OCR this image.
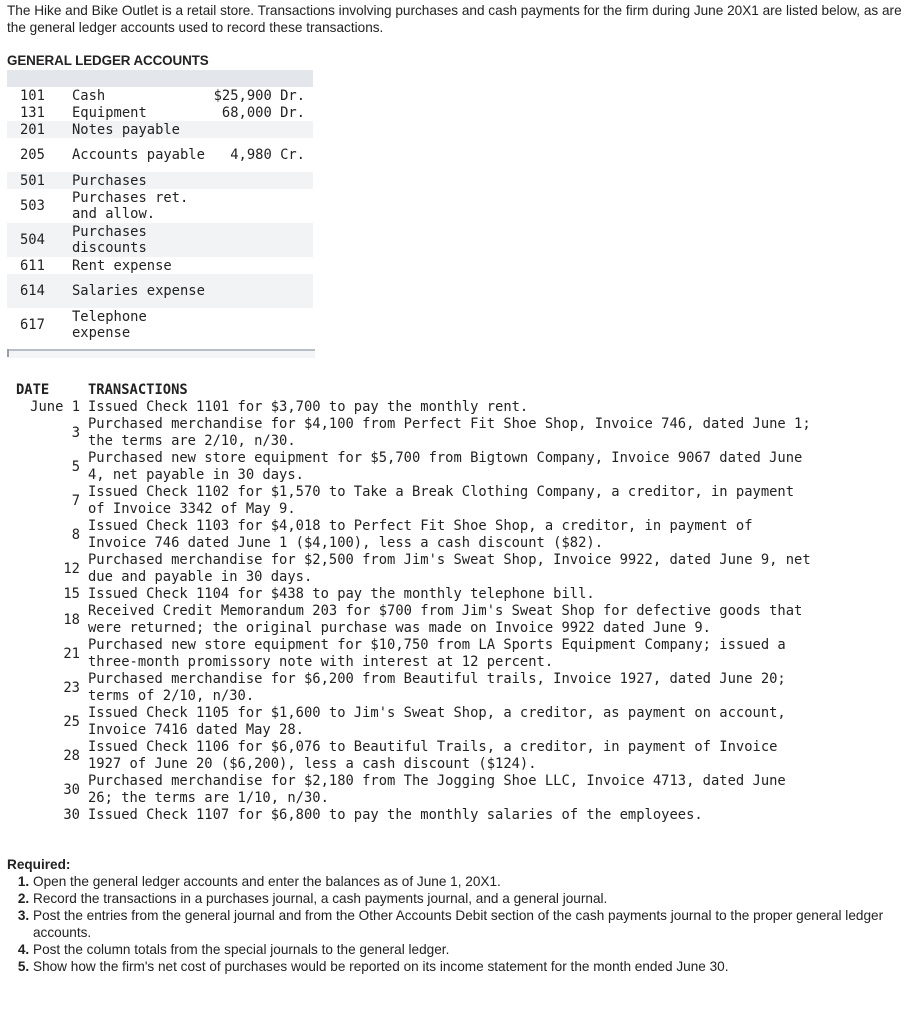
The Hike and Bike Outlet is a retail store. Transactions involving purchases and cash payments for the firm during June 20X1 are listed below, as are the general ledger accounts used to record these transactions.
GENERAL LEDGER ACCOUNTS

101	Cash	$25,900 Dr.
131	Equipment	68,000 Dr.
201	Notes payable	
205	Accounts payable	4,980 Cr.
501	Purchases	
503	Purchases ret. and allow.	
504	Purchases discounts	
611	Rent expense	
614	Salaries expense	
617	Telephone expense	
DATE	TRANSACTIONS
June 1	Issued Check 1101 for $3,700 to pay the monthly rent.
3	Purchased merchandise for $4,100 from Perfect Fit Shoe Shop, Invoice 746, dated June 1; the terms are 2/10, n/30.
5	Purchased new store equipment for $5,700 from Bigtown Company, Invoice 9067 dated June 4, net payable in 30 days.
7	Issued Check 1102 for $1,570 to Take a Break Clothing Company, a creditor, in payment of Invoice 3342 of May 9.
8	Issued Check 1103 for $4,018 to Perfect Fit Shoe Shop, a creditor, in payment of Invoice 746 dated June 1 ($4,100), less a cash discount ($82).
12	Purchased merchandise for $2,500 from Jim's Sweat Shop, Invoice 9922, dated June 9, net due and payable in 30 days.
15	Issued Check 1104 for $438 to pay the monthly telephone bill.
18	Received Credit Memorandum 203 for $700 from Jim's Sweat Shop for defective goods that were returned; the original purchase was made on Invoice 9922 dated June 9.
21	Purchased new store equipment for $10,750 from LA Sports Equipment Company; issued a three-month promissory note with interest at 12 percent.
23	Purchased merchandise for $6,200 from Beautiful trails, Invoice 1927, dated June 20; terms of 2/10, n/30.
25	Issued Check 1105 for $1,600 to Jim's Sweat Shop, a creditor, as payment on account, Invoice 7416 dated May 28.
28	Issued Check 1106 for $6,076 to Beautiful Trails, a creditor, in payment of Invoice 1927 of June 20 ($6,200), less a cash discount ($124).
30	Purchased merchandise for $2,180 from The Jogging Shoe LLC, Invoice 4713, dated June 26; the terms are 1/10, n/30.
30	Issued Check 1107 for $6,800 to pay the monthly salaries of the employees.
Required:
1. Open the general ledger accounts and enter the balances as of June 1, 20X1.
2. Record the transactions in a purchases journal, a cash payments journal, and a general journal.
3. Post the entries from the general journal and from the Other Accounts Debit section of the cash payments journal to the proper general ledger accounts.
4. Post the column totals from the special journals to the general ledger.
5. Show how the firm's net cost of purchases would be reported on its income statement for the month ended June 30.
